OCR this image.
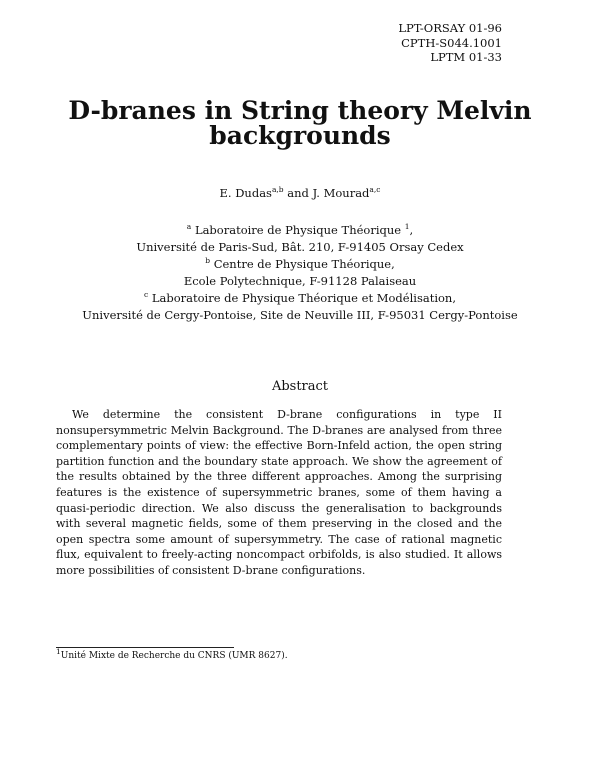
LPT-ORSAY 01-96
CPTH-S044.1001
LPTM 01-33
D-branes in String theory Melvin
backgrounds
E. Dudas$^{a,b}$ and J. Mourad$^{a,c}$
$^a$ Laboratoire de Physique Théorique $^1$,
Université de Paris-Sud, Bât. 210, F-91405 Orsay Cedex
$^b$ Centre de Physique Théorique,
Ecole Polytechnique, F-91128 Palaiseau
$^c$ Laboratoire de Physique Théorique et Modélisation,
Université de Cergy-Pontoise, Site de Neuville III, F-95031 Cergy-Pontoise
Abstract

We determine the consistent D-brane configurations in type II nonsupersymmetric Melvin Background. The D-branes are analysed from three complementary points of view: the effective Born-Infeld action, the open string partition function and the boundary state approach. We show the agreement of the results obtained by the three different approaches. Among the surprising features is the existence of supersymmetric branes, some of them having a quasi-periodic direction. We also discuss the generalisation to backgrounds with several magnetic fields, some of them preserving in the closed and the open spectra some amount of supersymmetry. The case of rational magnetic flux, equivalent to freely-acting noncompact orbifolds, is also studied. It allows more possibilities of consistent D-brane configurations.

$^1$Unité Mixte de Recherche du CNRS (UMR 8627).
